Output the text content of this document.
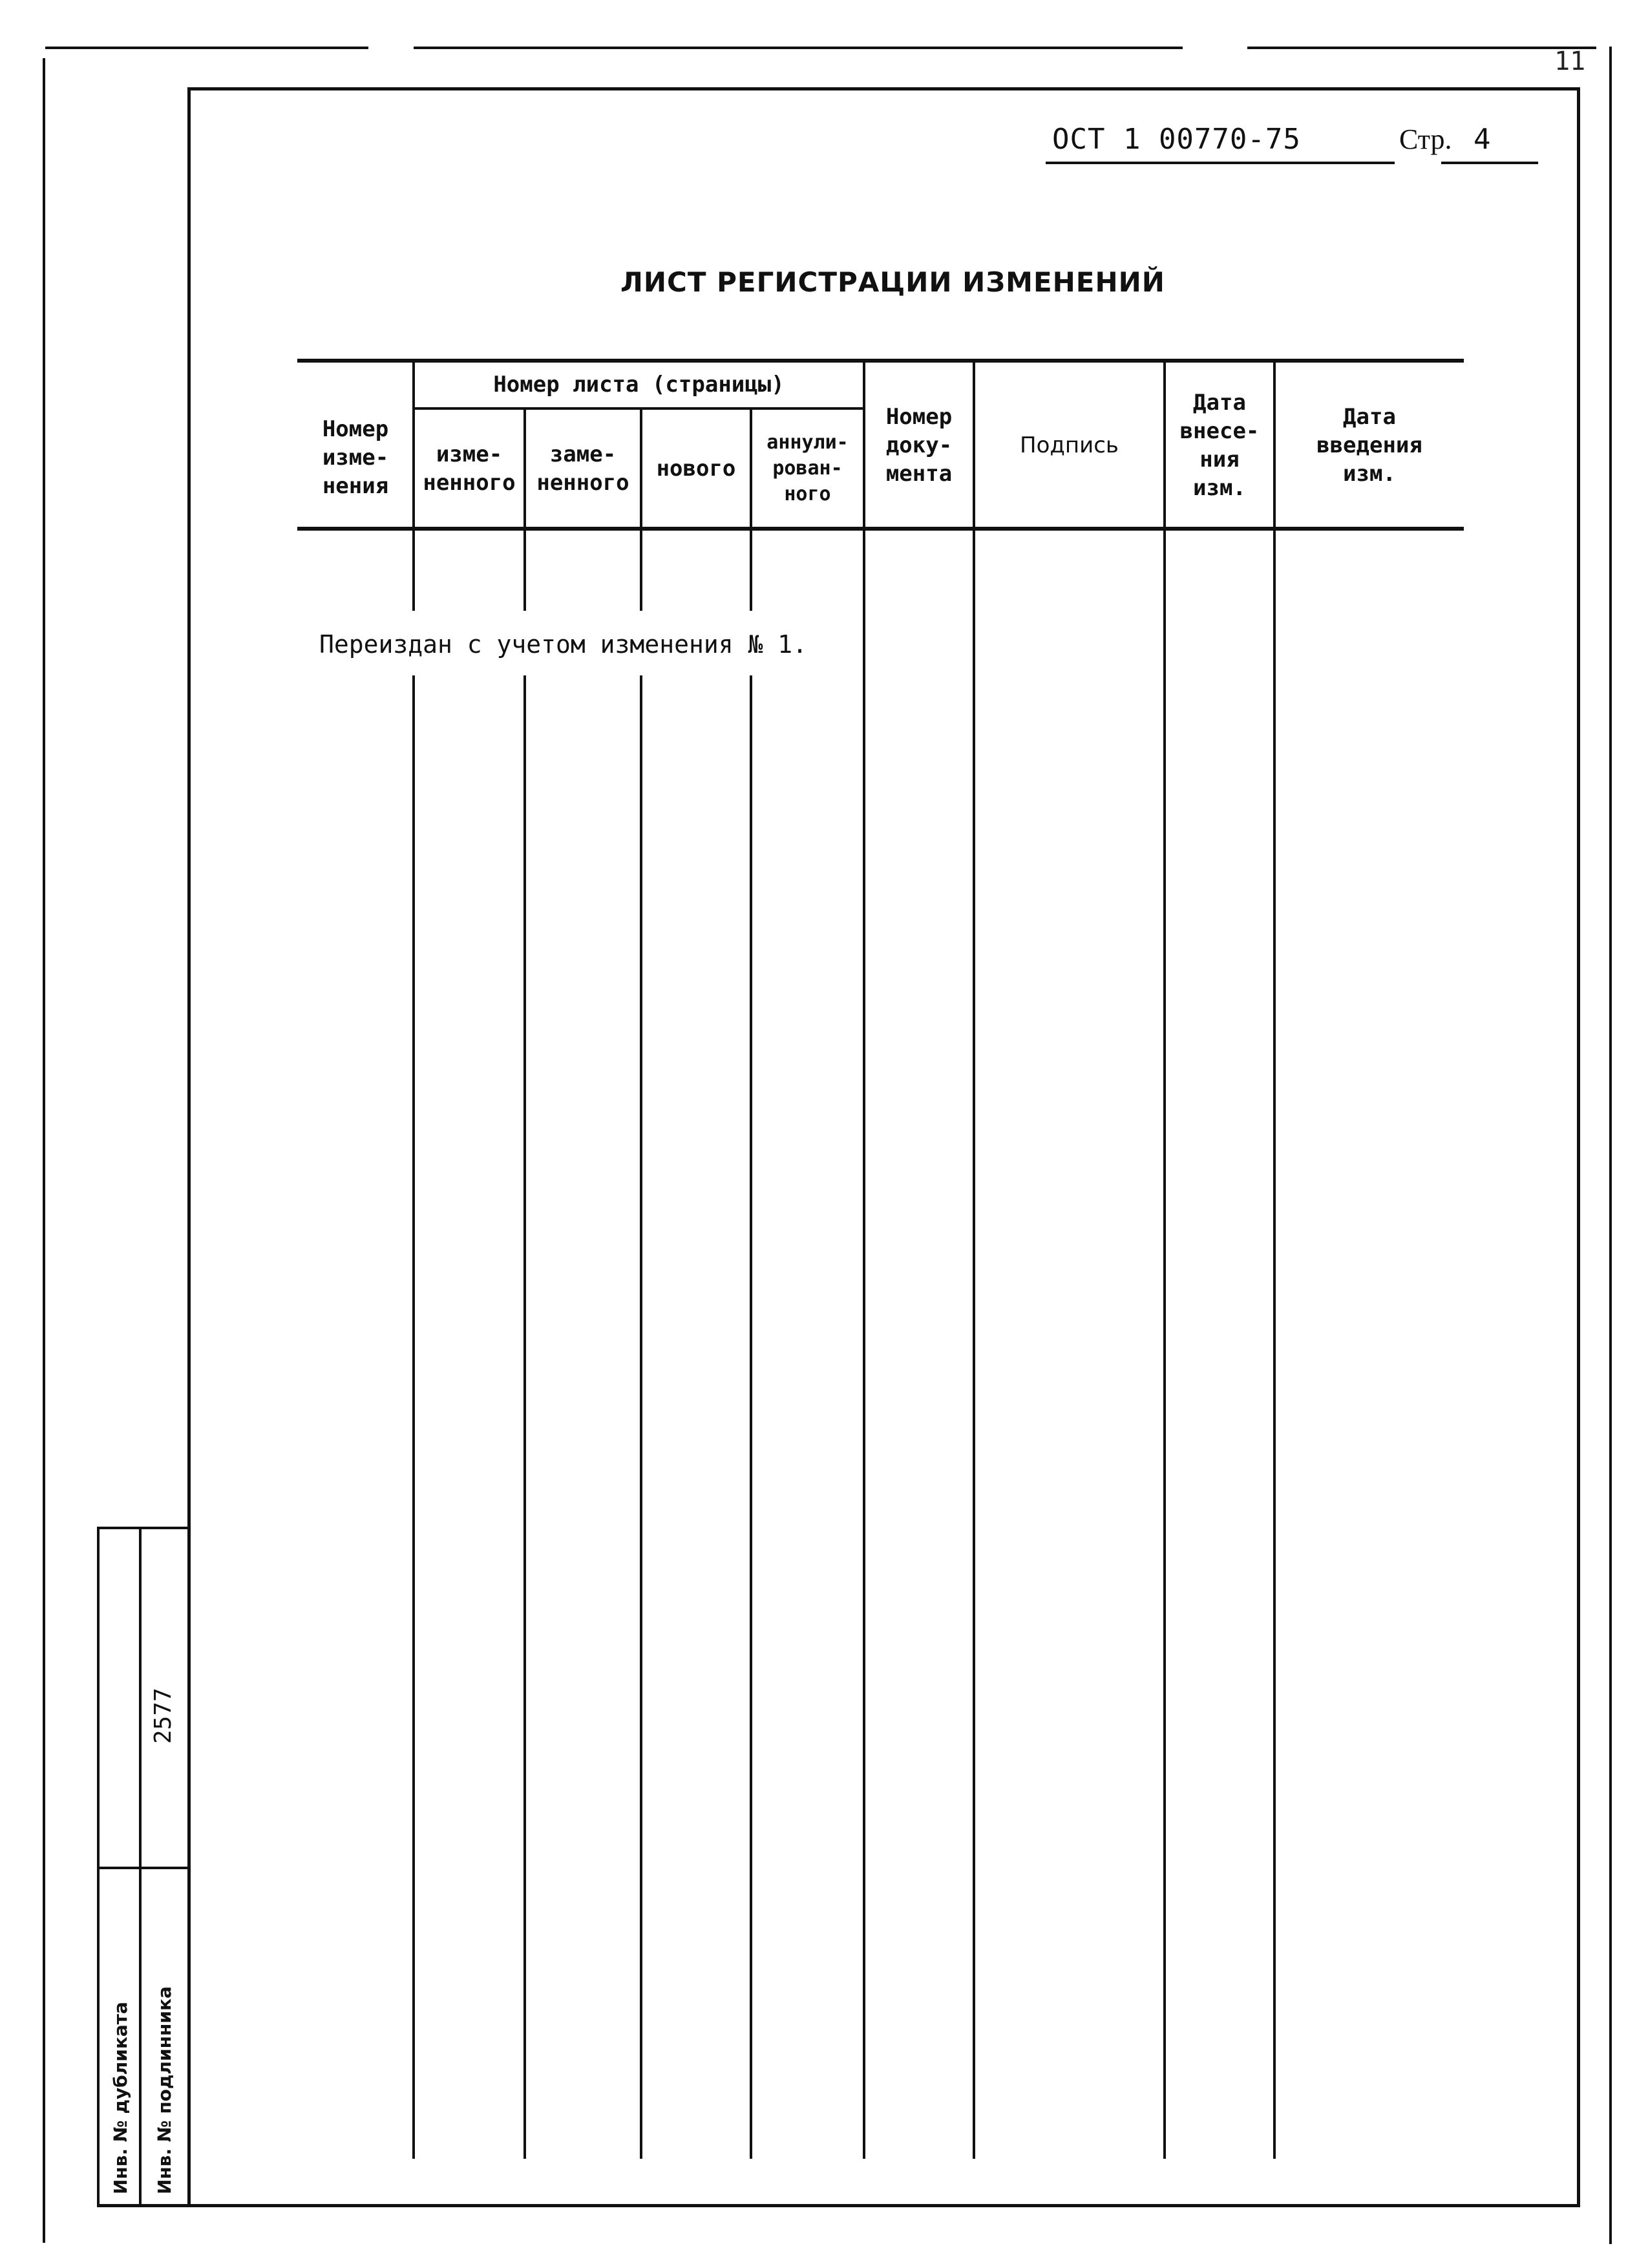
11
ОСТ 1 00770-75	Стр. 4
ЛИСТ РЕГИСТРАЦИИ ИЗМЕНЕНИЙ
Номер
изме-
нения
Номер листа (страницы)
изме-
ненного
заме-
ненного
нового
аннули-
рован-
ного
Номер
доку-
мента
Подпись
Дата
внесе-
ния
изм.
Дата
введения
изм.
Переиздан с учетом изменения № 1.
Инв. № дубликата Инв. № подлинника
2577
